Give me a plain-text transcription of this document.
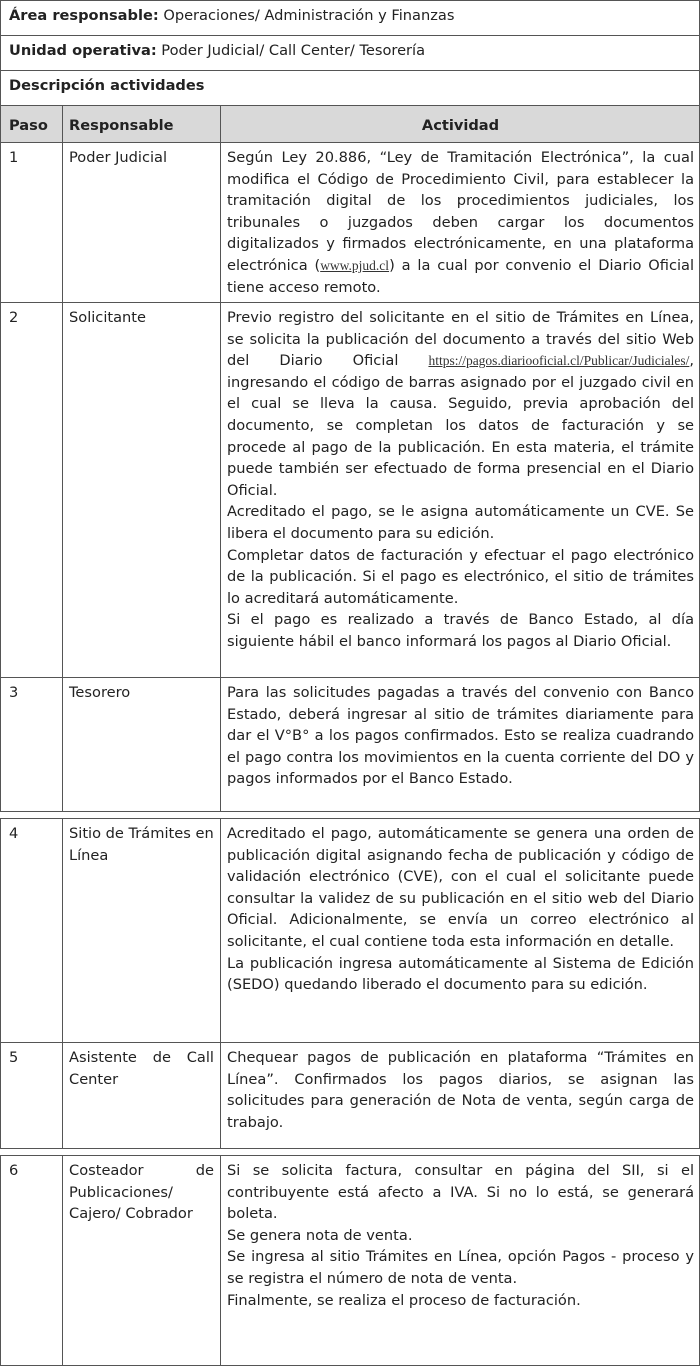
Área responsable: Operaciones/ Administración y Finanzas		
Unidad operativa: Poder Judicial/ Call Center/ Tesorería		
Descripción actividades		
Paso	Responsable	Actividad
1	Poder Judicial	Según Ley 20.886, “Ley de Tramitación Electrónica”, la cual modifica el Código de Procedimiento Civil, para establecer la tramitación digital de los procedimientos judiciales, los tribunales o juzgados deben cargar los documentos digitalizados y firmados electrónicamente, en una plataforma electrónica (www.pjud.cl) a la cual por convenio el Diario Oficial tiene acceso remoto.
2	Solicitante	Previo registro del solicitante en el sitio de Trámites en Línea, se solicita la publicación del documento a través del sitio Web del Diario Oficial https://pagos.diariooficial.cl/Publicar/Judiciales/, ingresando el código de barras asignado por el juzgado civil en el cual se lleva la causa. Seguido, previa aprobación del documento, se completan los datos de facturación y se procede al pago de la publicación. En esta materia, el trámite puede también ser efectuado de forma presencial en el Diario Oficial.
Acreditado el pago, se le asigna automáticamente un CVE. Se libera el documento para su edición.
Completar datos de facturación y efectuar el pago electrónico de la publicación. Si el pago es electrónico, el sitio de trámites lo acreditará automáticamente.
Si el pago es realizado a través de Banco Estado, al día siguiente hábil el banco informará los pagos al Diario Oficial.

3	Tesorero	Para las solicitudes pagadas a través del convenio con Banco Estado, deberá ingresar al sitio de trámites diariamente para dar el V°B° a los pagos confirmados. Esto se realiza cuadrando el pago contra los movimientos en la cuenta corriente del DO y pagos informados por el Banco Estado.

4	Sitio de Trámites en Línea	Acreditado el pago, automáticamente se genera una orden de publicación digital asignando fecha de publicación y código de validación electrónico (CVE), con el cual el solicitante puede consultar la validez de su publicación en el sitio web del Diario Oficial. Adicionalmente, se envía un correo electrónico al solicitante, el cual contiene toda esta información en detalle.
La publicación ingresa automáticamente al Sistema de Edición (SEDO) quedando liberado el documento para su edición.

5	Asistente de Call Center	Chequear pagos de publicación en plataforma “Trámites en Línea”. Confirmados los pagos diarios, se asignan las solicitudes para generación de Nota de venta, según carga de trabajo.

6	Costeador de Publicaciones/ Cajero/ Cobrador	Si se solicita factura, consultar en página del SII, si el contribuyente está afecto a IVA. Si no lo está, se generará boleta.
Se genera nota de venta.
Se ingresa al sitio Trámites en Línea, opción Pagos - proceso y se registra el número de nota de venta.
Finalmente, se realiza el proceso de facturación.
